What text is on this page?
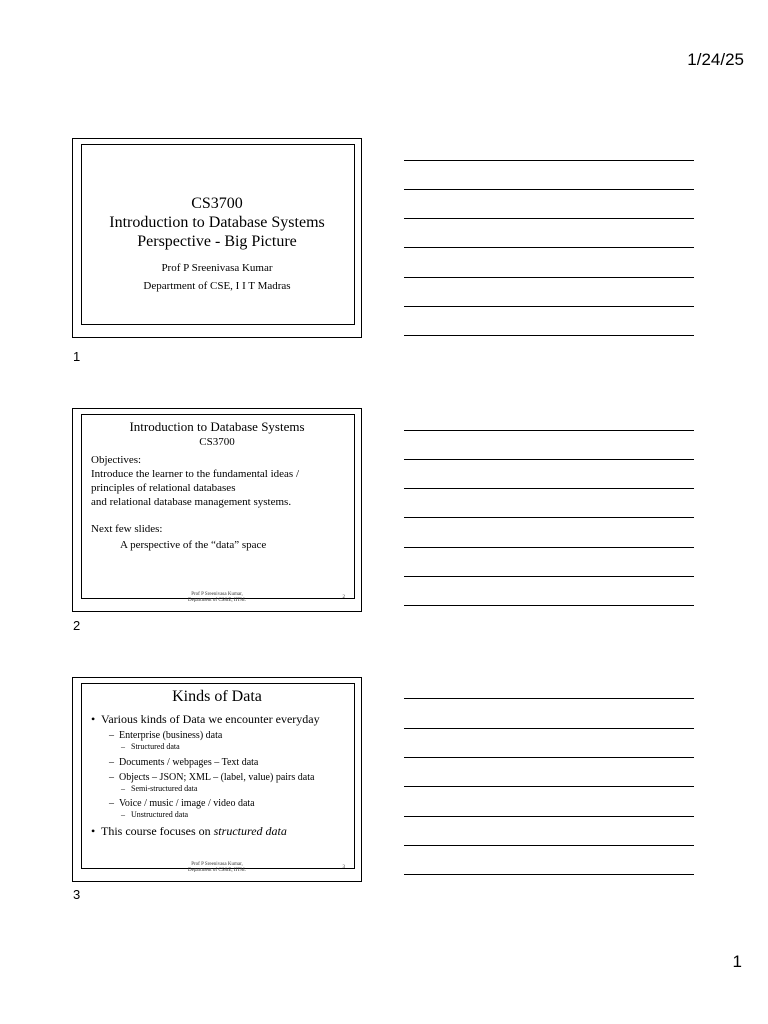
1/24/25
CS3700
Introduction to Database Systems
Perspective - Big Picture
Prof P Sreenivasa Kumar
Department of CSE, I I T Madras
1
Introduction to Database Systems
CS3700
Objectives:
Introduce the learner to the fundamental ideas /
principles of relational databases
and relational database management systems.
Next few slides:
A perspective of the “data” space
Prof P Sreenivasa Kumar,
Department of CS&E, IITM.
2
2
Kinds of Data
• Various kinds of Data we encounter everyday
– Enterprise (business) data
– Structured data
– Documents / webpages – Text data
– Objects – JSON; XML – (label, value) pairs data
– Semi-structured data
– Voice / music / image / video data
– Unstructured data
• This course focuses on structured data
Prof P Sreenivasa Kumar,
Department of CS&E, IITM.
3
3
1
